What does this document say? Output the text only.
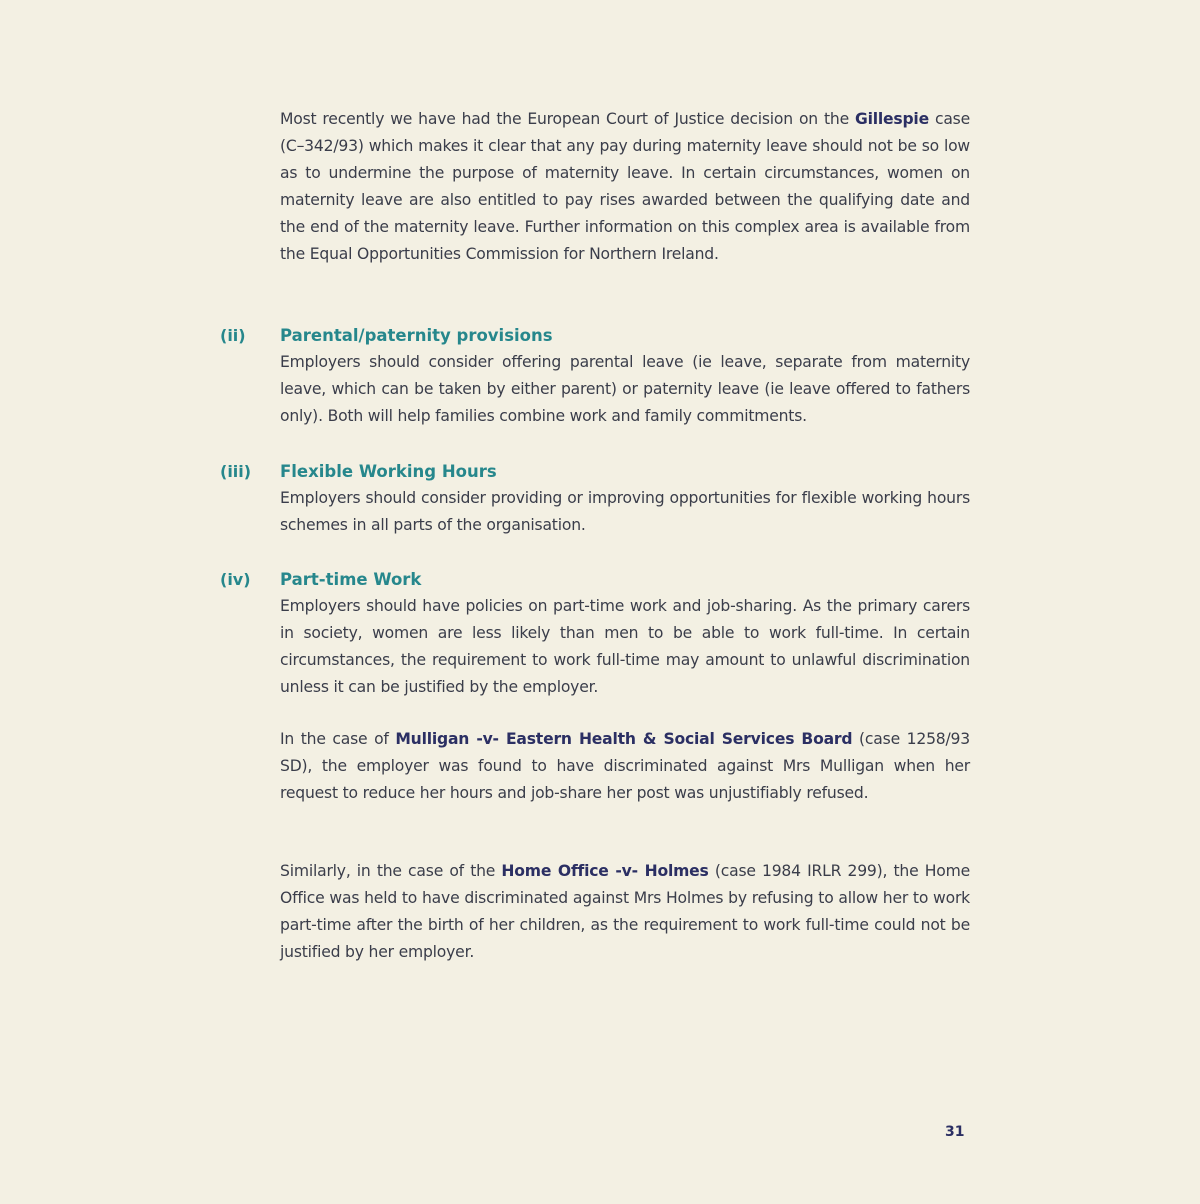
Most recently we have had the European Court of Justice decision on the Gillespie case (C–342/93) which makes it clear that any pay during maternity leave should not be so low as to undermine the purpose of maternity leave. In certain circumstances, women on maternity leave are also entitled to pay rises awarded between the qualifying date and the end of the maternity leave. Further information on this complex area is available from the Equal Opportunities Commission for Northern Ireland.

(ii) Parental/paternity provisions

Employers should consider offering parental leave (ie leave, separate from maternity leave, which can be taken by either parent) or paternity leave (ie leave offered to fathers only). Both will help families combine work and family commitments.

(iii) Flexible Working Hours

Employers should consider providing or improving opportunities for flexible working hours schemes in all parts of the organisation.

(iv) Part-time Work

Employers should have policies on part-time work and job-sharing. As the primary carers in society, women are less likely than men to be able to work full-time. In certain circumstances, the requirement to work full-time may amount to unlawful discrimination unless it can be justified by the employer.

In the case of Mulligan -v- Eastern Health & Social Services Board (case 1258/93 SD), the employer was found to have discriminated against Mrs Mulligan when her request to reduce her hours and job-share her post was unjustifiably refused.

Similarly, in the case of the Home Office -v- Holmes (case 1984 IRLR 299), the Home Office was held to have discriminated against Mrs Holmes by refusing to allow her to work part-time after the birth of her children, as the requirement to work full-time could not be justified by her employer.

31
